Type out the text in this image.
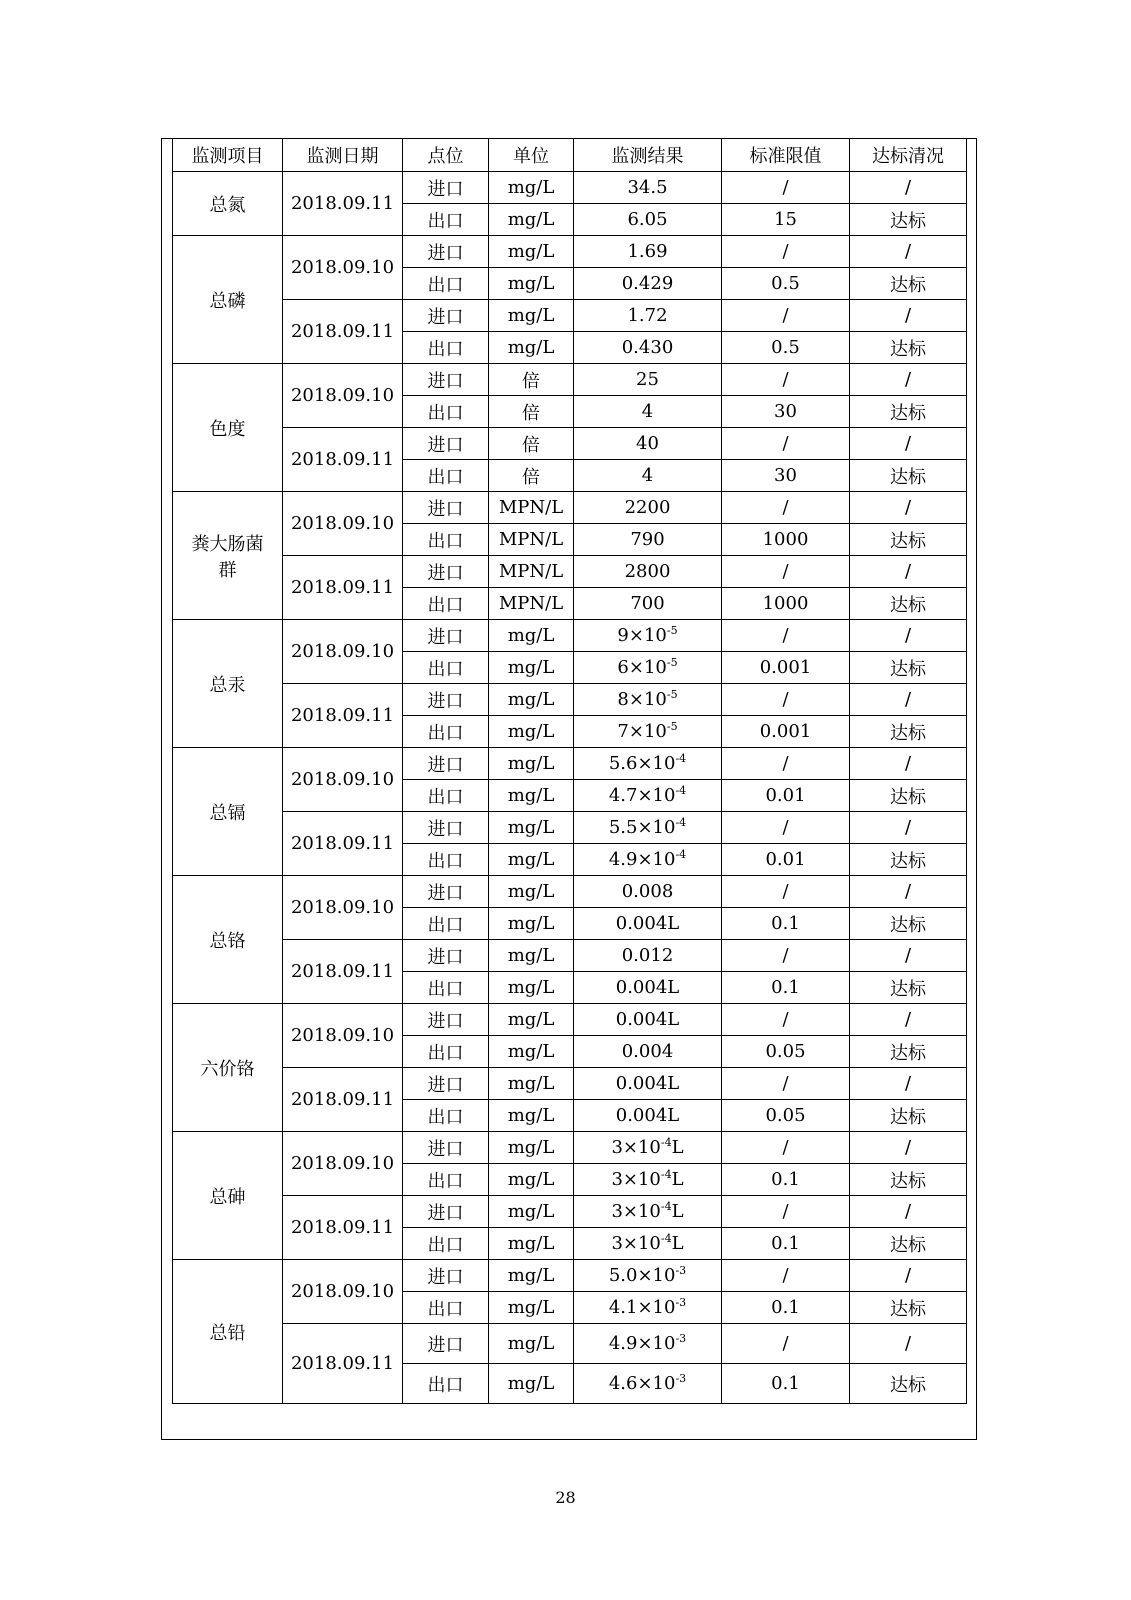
监测项目	监测日期	点位	单位	监测结果	标准限值	达标清况
总氮	2018.09.11	进口	mg/L	34.5	/	/
		出口	mg/L	6.05	15	达标
总磷	2018.09.10	进口	mg/L	1.69	/	/
		出口	mg/L	0.429	0.5	达标
	2018.09.11	进口	mg/L	1.72	/	/
		出口	mg/L	0.430	0.5	达标
色度	2018.09.10	进口	倍	25	/	/
		出口	倍	4	30	达标
	2018.09.11	进口	倍	40	/	/
		出口	倍	4	30	达标
粪大肠菌群	2018.09.10	进口	MPN/L	2200	/	/
		出口	MPN/L	790	1000	达标
	2018.09.11	进口	MPN/L	2800	/	/
		出口	MPN/L	700	1000	达标
总汞	2018.09.10	进口	mg/L	$9\times 10^{-5}$	/	/
		出口	mg/L	$6\times 10^{-5}$	0.001	达标
	2018.09.11	进口	mg/L	$8\times 10^{-5}$	/	/
		出口	mg/L	$7\times 10^{-5}$	0.001	达标
总镉	2018.09.10	进口	mg/L	$5.6\times 10^{-4}$	/	/
		出口	mg/L	$4.7\times 10^{-4}$	0.01	达标
	2018.09.11	进口	mg/L	$5.5\times 10^{-4}$	/	/
		出口	mg/L	$4.9\times 10^{-4}$	0.01	达标
总铬	2018.09.10	进口	mg/L	0.008	/	/
		出口	mg/L	0.004L	0.1	达标
	2018.09.11	进口	mg/L	0.012	/	/
		出口	mg/L	0.004L	0.1	达标
六价铬	2018.09.10	进口	mg/L	0.004L	/	/
		出口	mg/L	0.004	0.05	达标
	2018.09.11	进口	mg/L	0.004L	/	/
		出口	mg/L	0.004L	0.05	达标
总砷	2018.09.10	进口	mg/L	$3\times 10^{-4}L$	/	/
		出口	mg/L	$3\times 10^{-4}L$	0.1	达标
	2018.09.11	进口	mg/L	$3\times 10^{-4}L$	/	/
		出口	mg/L	$3\times 10^{-4}L$	0.1	达标
总铅	2018.09.10	进口	mg/L	$5.0\times 10^{-3}$	/	/
		出口	mg/L	$4.1\times 10^{-3}$	0.1	达标
	2018.09.11	进口	mg/L	$4.9\times 10^{-3}$	/	/
		出口	mg/L	$4.6\times 10^{-3}$	0.1	达标
28
